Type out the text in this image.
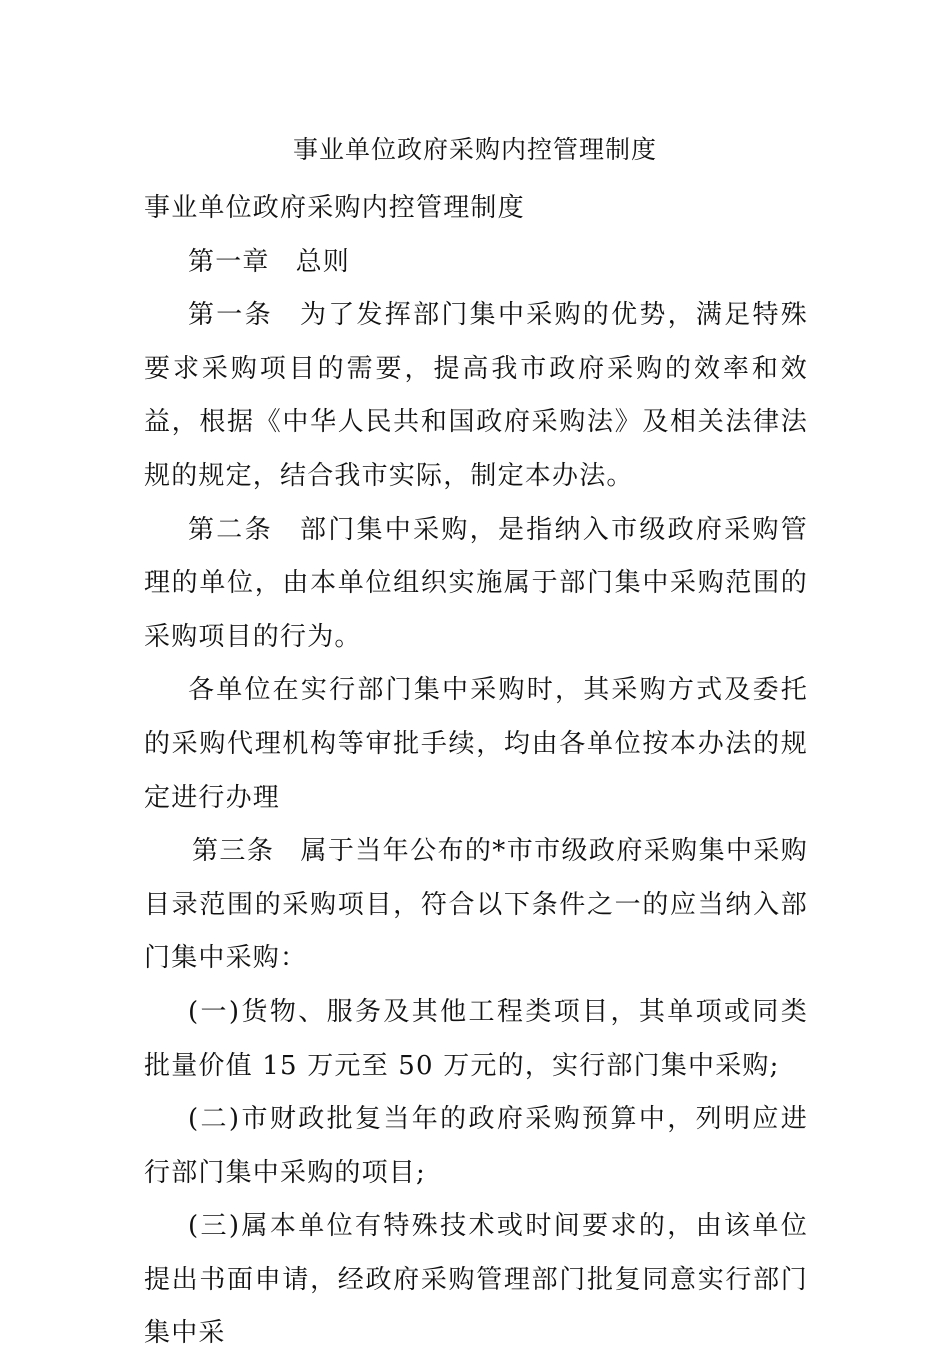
事业单位政府采购内控管理制度

事业单位政府采购内控管理制度

第一章 总则

第一条 为了发挥部门集中采购的优势，满足特殊要求采购项目的需要，提高我市政府采购的效率和效益，根据《中华人民共和国政府采购法》及相关法律法规的规定，结合我市实际，制定本办法。

第二条 部门集中采购，是指纳入市级政府采购管理的单位，由本单位组织实施属于部门集中采购范围的采购项目的行为。

各单位在实行部门集中采购时，其采购方式及委托的采购代理机构等审批手续，均由各单位按本办法的规定进行办理

第三条 属于当年公布的*市市级政府采购集中采购目录范围的采购项目，符合以下条件之一的应当纳入部门集中采购：

(一)货物、服务及其他工程类项目，其单项或同类批量价值 15 万元至 50 万元的，实行部门集中采购;

(二)市财政批复当年的政府采购预算中，列明应进行部门集中采购的项目;

(三)属本单位有特殊技术或时间要求的，由该单位提出书面申请，经政府采购管理部门批复同意实行部门集中采
